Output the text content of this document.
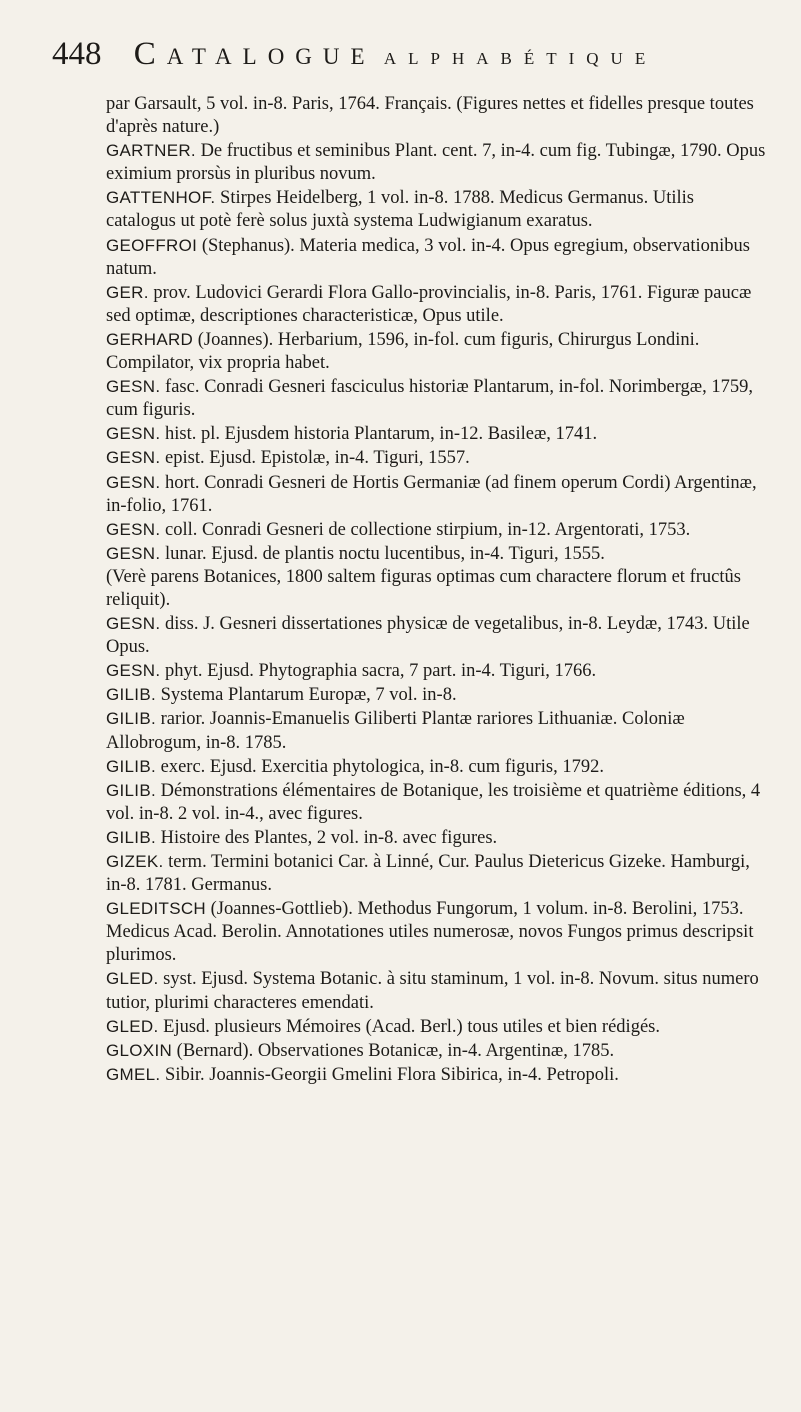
448 Catalogue alphabétique

par Garsault, 5 vol. in-8. Paris, 1764. Français. (Figures nettes et fidelles presque toutes d'après nature.)

GARTNER. De fructibus et seminibus Plant. cent. 7, in-4. cum fig. Tubingæ, 1790. Opus eximium prorsùs in pluribus novum.

GATTENHOF. Stirpes Heidelberg, 1 vol. in-8. 1788. Medicus Germanus. Utilis catalogus ut potè ferè solus juxtà systema Ludwigianum exaratus.

GEOFFROI (Stephanus). Materia medica, 3 vol. in-4. Opus egregium, observationibus natum.

GER. prov. Ludovici Gerardi Flora Gallo-provincialis, in-8. Paris, 1761. Figuræ paucæ sed optimæ, descriptiones characteristicæ, Opus utile.

GERHARD (Joannes). Herbarium, 1596, in-fol. cum figuris, Chirurgus Londini. Compilator, vix propria habet.

GESN. fasc. Conradi Gesneri fasciculus historiæ Plantarum, in-fol. Norimbergæ, 1759, cum figuris.

GESN. hist. pl. Ejusdem historia Plantarum, in-12. Basileæ, 1741.

GESN. epist. Ejusd. Epistolæ, in-4. Tiguri, 1557.

GESN. hort. Conradi Gesneri de Hortis Germaniæ (ad finem operum Cordi) Argentinæ, in-folio, 1761.

GESN. coll. Conradi Gesneri de collectione stirpium, in-12. Argentorati, 1753.

GESN. lunar. Ejusd. de plantis noctu lucentibus, in-4. Tiguri, 1555.

(Verè parens Botanices, 1800 saltem figuras optimas cum charactere florum et fructûs reliquit).

GESN. diss. J. Gesneri dissertationes physicæ de vegetalibus, in-8. Leydæ, 1743. Utile Opus.

GESN. phyt. Ejusd. Phytographia sacra, 7 part. in-4. Tiguri, 1766.

GILIB. Systema Plantarum Europæ, 7 vol. in-8.

GILIB. rarior. Joannis-Emanuelis Giliberti Plantæ rariores Lithuaniæ. Coloniæ Allobrogum, in-8. 1785.

GILIB. exerc. Ejusd. Exercitia phytologica, in-8. cum figuris, 1792.

GILIB. Démonstrations élémentaires de Botanique, les troisième et quatrième éditions, 4 vol. in-8. 2 vol. in-4., avec figures.

GILIB. Histoire des Plantes, 2 vol. in-8. avec figures.

GIZEK. term. Termini botanici Car. à Linné, Cur. Paulus Dietericus Gizeke. Hamburgi, in-8. 1781. Germanus.

GLEDITSCH (Joannes-Gottlieb). Methodus Fungorum, 1 volum. in-8. Berolini, 1753. Medicus Acad. Berolin. Annotationes utiles numerosæ, novos Fungos primus descripsit plurimos.

GLED. syst. Ejusd. Systema Botanic. à situ staminum, 1 vol. in-8. Novum. situs numero tutior, plurimi characteres emendati.

GLED. Ejusd. plusieurs Mémoires (Acad. Berl.) tous utiles et bien rédigés.

GLOXIN (Bernard). Observationes Botanicæ, in-4. Argentinæ, 1785.

GMEL. Sibir. Joannis-Georgii Gmelini Flora Sibirica, in-4. Petropoli.
